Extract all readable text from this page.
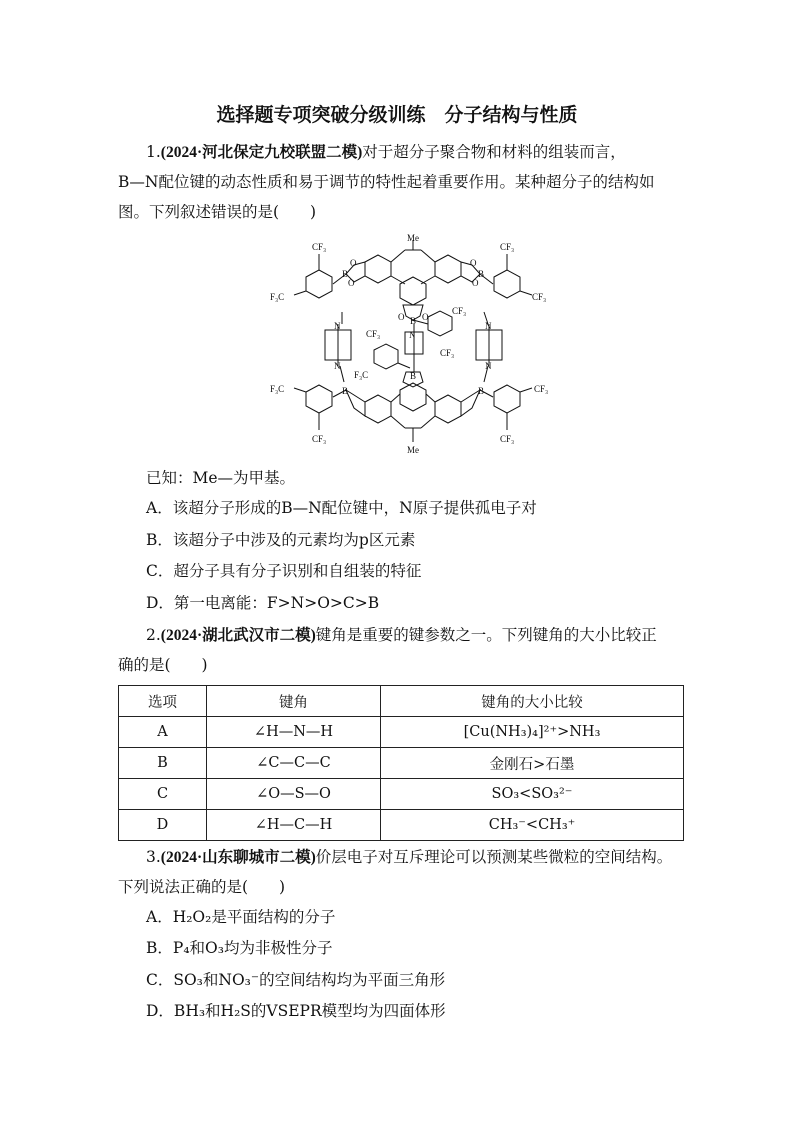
选择题专项突破分级训练　分子结构与性质
1.(2024·河北保定九校联盟二模)对于超分子聚合物和材料的组装而言，
B—N配位键的动态性质和易于调节的特性起着重要作用。某种超分子的结构如
图。下列叙述错误的是(　　)
Me
Me
CF₃
F₃C
CF₃
CF₃
CF₃
CF₃
CF₃
F₃C
F₃C
CF₃
CF₃
CF₃
B	B
B
B
B	B
N
N
N
N
N
O
O
O
O
O O
已知：Me—为甲基。
A．该超分子形成的B—N配位键中，N原子提供孤电子对
B．该超分子中涉及的元素均为p区元素
C．超分子具有分子识别和自组装的特征
D．第一电离能：F>N>O>C>B
2.(2024·湖北武汉市二模)键角是重要的键参数之一。下列键角的大小比较正
确的是(　　)
选项	键角	键角的大小比较
A	∠H—N—H	[Cu(NH₃)₄]²⁺>NH₃
B	∠C—C—C	金刚石>石墨
C	∠O—S—O	SO₃<SO₃²⁻
D	∠H—C—H	CH₃⁻<CH₃⁺
3.(2024·山东聊城市二模)价层电子对互斥理论可以预测某些微粒的空间结构。
下列说法正确的是(　　)
A．H₂O₂是平面结构的分子
B．P₄和O₃均为非极性分子
C．SO₃和NO₃⁻的空间结构均为平面三角形
D．BH₃和H₂S的VSEPR模型均为四面体形
